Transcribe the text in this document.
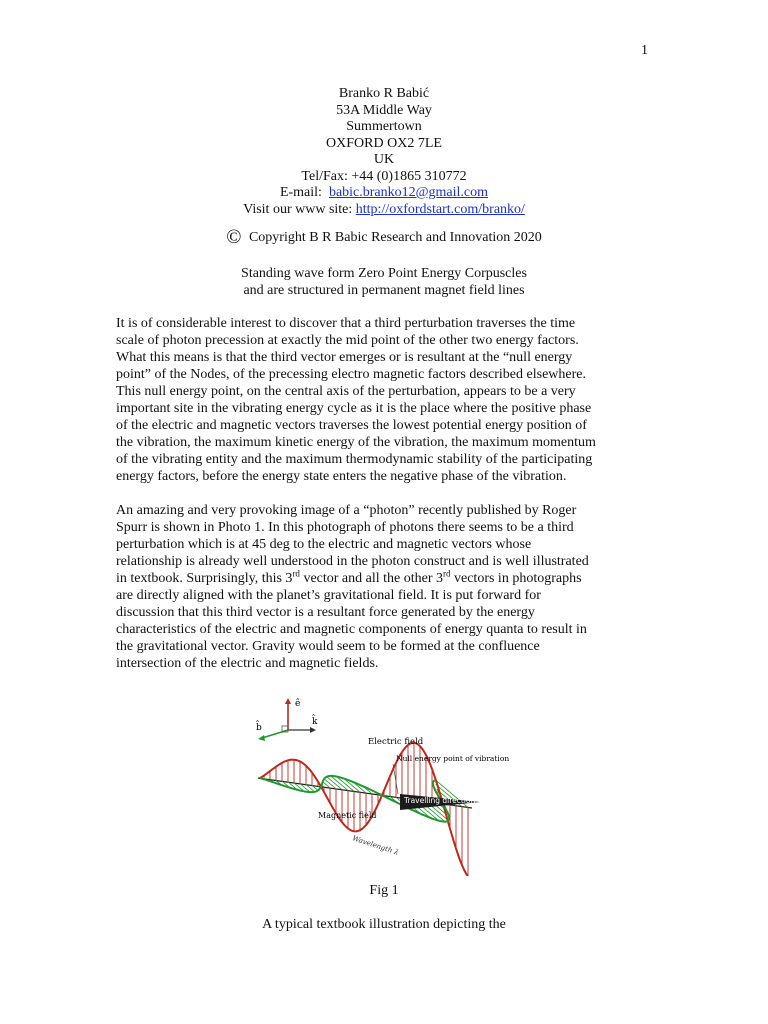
1
Branko R Babić
53A Middle Way
Summertown
OXFORD OX2 7LE
UK
Tel/Fax: +44 (0)1865 310772
E-mail: babic.branko12@gmail.com
Visit our www site: http://oxfordstart.com/branko/
© Copyright B R Babic Research and Innovation 2020
Standing wave form Zero Point Energy Corpuscles
and are structured in permanent magnet field lines
It is of considerable interest to discover that a third perturbation traverses the time
scale of photon precession at exactly the mid point of the other two energy factors.
What this means is that the third vector emerges or is resultant at the “null energy
point” of the Nodes, of the precessing electro magnetic factors described elsewhere.
This null energy point, on the central axis of the perturbation, appears to be a very
important site in the vibrating energy cycle as it is the place where the positive phase
of the electric and magnetic vectors traverses the lowest potential energy position of
the vibration, the maximum kinetic energy of the vibration, the maximum momentum
of the vibrating entity and the maximum thermodynamic stability of the participating
energy factors, before the energy state enters the negative phase of the vibration.
An amazing and very provoking image of a “photon” recently published by Roger
Spurr is shown in Photo 1. In this photograph of photons there seems to be a third
perturbation which is at 45 deg to the electric and magnetic vectors whose
relationship is already well understood in the photon construct and is well illustrated
in textbook. Surprisingly, this 3rd vector and all the other 3rd vectors in photographs
are directly aligned with the planet’s gravitational field. It is put forward for
discussion that this third vector is a resultant force generated by the energy
characteristics of the electric and magnetic components of energy quanta to result in
the gravitational vector. Gravity would seem to be formed at the confluence
intersection of the electric and magnetic fields.
ê
b̂
k̂
Travelling direction
Electric field
Null energy point of vibration
Magnetic field
Wavelength λ
Fig 1
A typical textbook illustration depicting the
